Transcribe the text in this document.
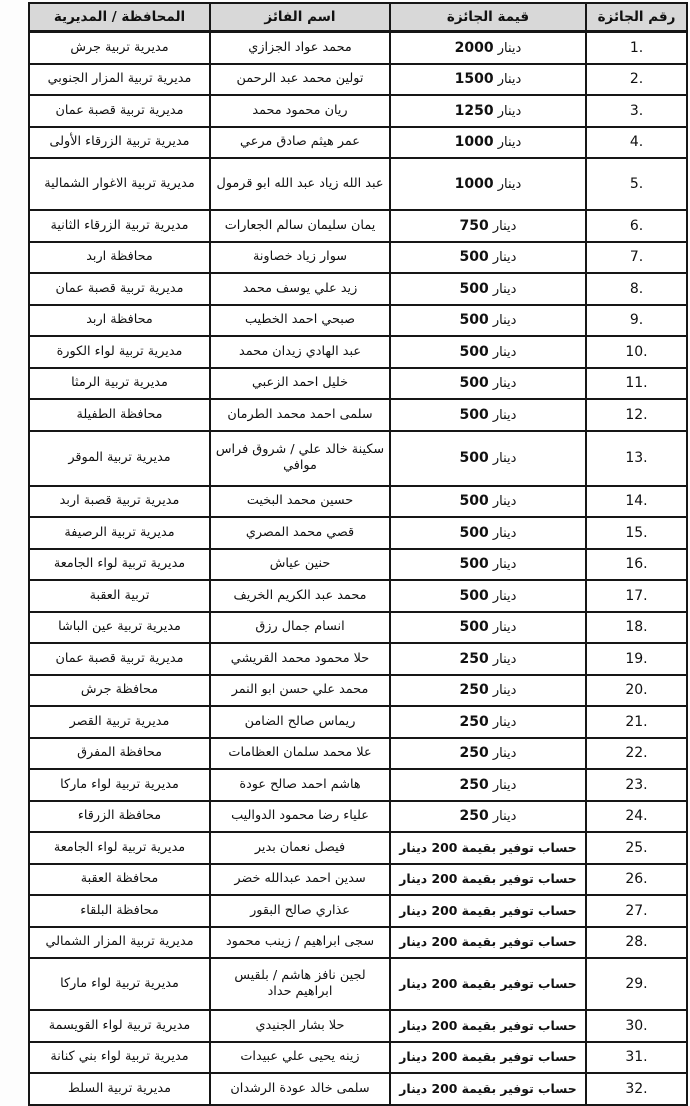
رقم الجائزة	قيمة الجائزة	اسم الفائز	المحافظة / المديرية
1.	2000 دينار	محمد عواد الجزازي	مديرية تربية جرش
2.	1500 دينار	تولين محمد عبد الرحمن	مديرية تربية المزار الجنوبي
3.	1250 دينار	ريان محمود محمد	مديرية تربية قصبة عمان
4.	1000 دينار	عمر هيثم صادق مرعي	مديرية تربية الزرقاء الأولى
5.	1000 دينار	عبد الله زياد عبد الله ابو قرمول	مديرية تربية الاغوار الشمالية
6.	750 دينار	يمان سليمان سالم الجعارات	مديرية تربية الزرقاء الثانية
7.	500 دينار	سوار زياد خصاونة	محافظة اربد
8.	500 دينار	زيد علي يوسف محمد	مديرية تربية قصبة عمان
9.	500 دينار	صبحي احمد الخطيب	محافظة اربد
10.	500 دينار	عبد الهادي زيدان محمد	مديرية تربية لواء الكورة
11.	500 دينار	خليل احمد الزعبي	مديرية تربية الرمثا
12.	500 دينار	سلمى احمد محمد الطرمان	محافظة الطفيلة
13.	500 دينار	سكينة خالد علي / شروق فراس موافي	مديرية تربية الموقر
14.	500 دينار	حسين محمد البخيت	مديرية تربية قصبة اربد
15.	500 دينار	قصي محمد المصري	مديرية تربية الرصيفة
16.	500 دينار	حنين عياش	مديرية تربية لواء الجامعة
17.	500 دينار	محمد عبد الكريم الخريف	تربية العقبة
18.	500 دينار	انسام جمال رزق	مديرية تربية عين الباشا
19.	250 دينار	حلا محمود محمد القريشي	مديرية تربية قصبة عمان
20.	250 دينار	محمد علي حسن ابو النمر	محافظة جرش
21.	250 دينار	ريماس صالح الضامن	مديرية تربية القصر
22.	250 دينار	علا محمد سلمان العظامات	محافظة المفرق
23.	250 دينار	هاشم احمد صالح عودة	مديرية تربية لواء ماركا
24.	250 دينار	علياء رضا محمود الدواليب	محافظة الزرقاء
25.	حساب توفير بقيمة 200 دينار	فيصل نعمان بدير	مديرية تربية لواء الجامعة
26.	حساب توفير بقيمة 200 دينار	سدين احمد عبدالله خضر	محافظة العقبة
27.	حساب توفير بقيمة 200 دينار	عذاري صالح البقور	محافظة البلقاء
28.	حساب توفير بقيمة 200 دينار	سجى ابراهيم / زينب محمود	مديرية تربية المزار الشمالي
29.	حساب توفير بقيمة 200 دينار	لجين نافز هاشم / بلقيس ابراهيم حداد	مديرية تربية لواء ماركا
30.	حساب توفير بقيمة 200 دينار	حلا بشار الجنيدي	مديرية تربية لواء القويسمة
31.	حساب توفير بقيمة 200 دينار	زينه يحيى علي عبيدات	مديرية تربية لواء بني كنانة
32.	حساب توفير بقيمة 200 دينار	سلمى خالد عودة الرشدان	مديرية تربية السلط
